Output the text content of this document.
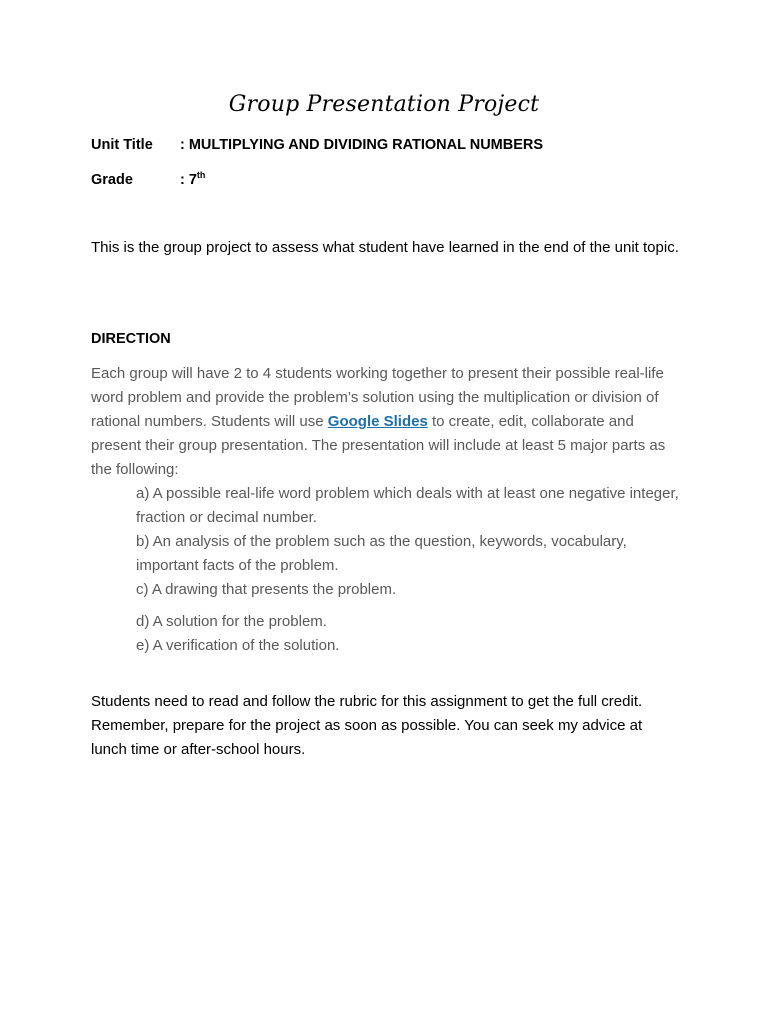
Group Presentation Project
Unit Title : MULTIPLYING AND DIVIDING RATIONAL NUMBERS
Grade	: 7th
This is the group project to assess what student have learned in the end of the unit topic.
DIRECTION
Each group will have 2 to 4 students working together to present their possible real-life word problem and provide the problem’s solution using the multiplication or division of rational numbers. Students will use Google Slides to create, edit, collaborate and present their group presentation. The presentation will include at least 5 major parts as the following:
a) A possible real-life word problem which deals with at least one negative integer, fraction or decimal number.
b) An analysis of the problem such as the question, keywords, vocabulary, important facts of the problem.
c) A drawing that presents the problem.
d) A solution for the problem.
e) A verification of the solution.
Students need to read and follow the rubric for this assignment to get the full credit. Remember, prepare for the project as soon as possible. You can seek my advice at lunch time or after-school hours.
